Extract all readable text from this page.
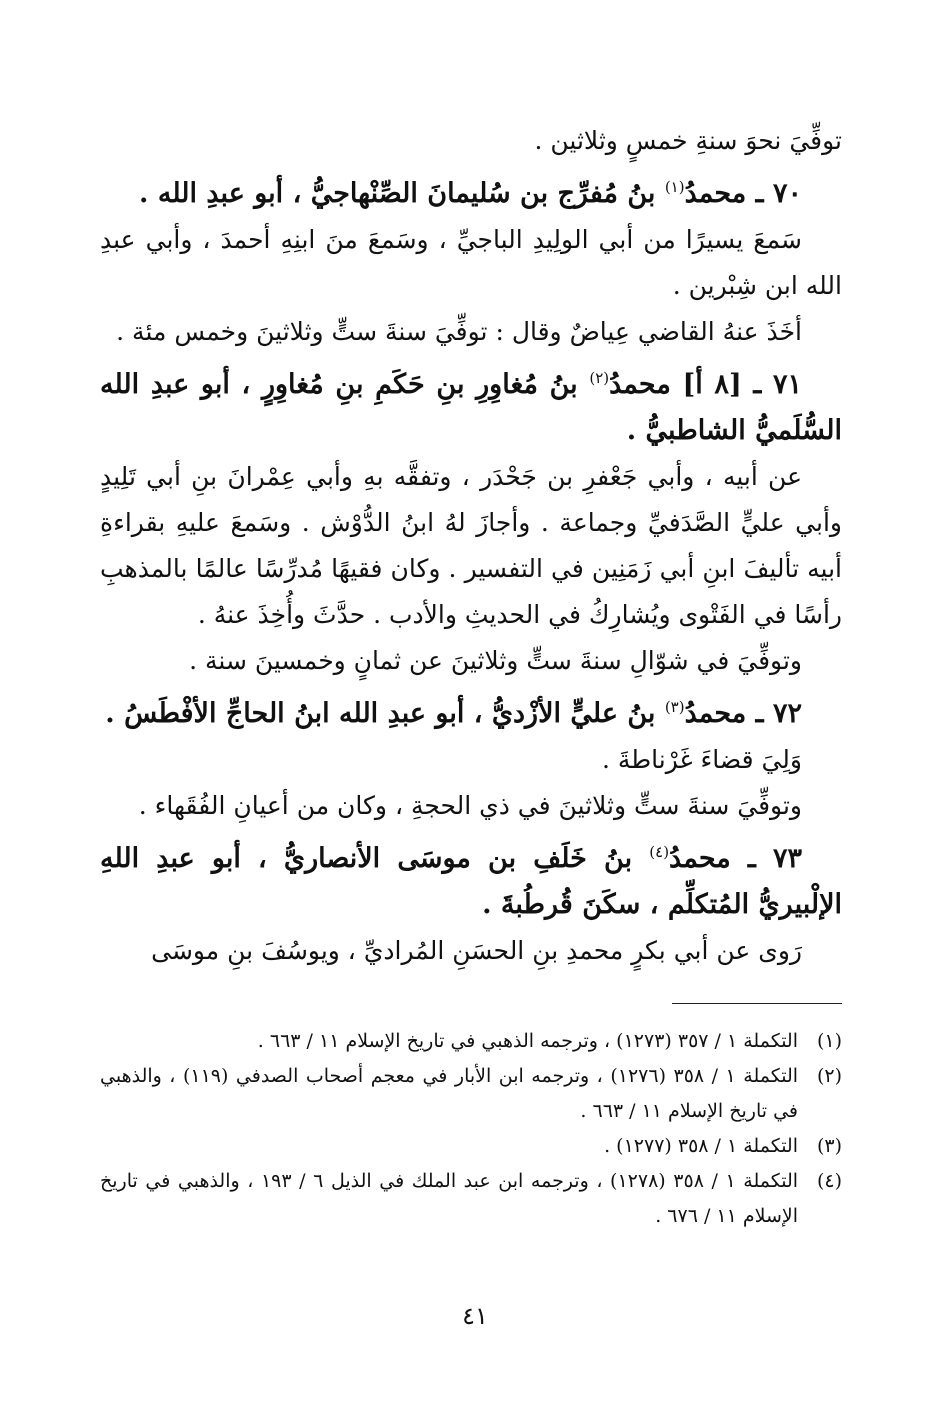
توفِّيَ نحوَ سنةِ خمسٍ وثلاثين .

٧٠ ـ محمدُ$^{(١)}$ بنُ مُفرِّج بن سُليمانَ الصِّنْهاجيُّ ، أبو عبدِ الله .

سَمعَ يسيرًا من أبي الولِيدِ الباجيِّ ، وسَمعَ منَ ابنِهِ أحمدَ ، وأبي عبدِ الله ابن شِبْرين .

أخَذَ عنهُ القاضي عِياضٌ وقال : توفِّيَ سنةَ ستٍّ وثلاثينَ وخمس مئة .

٧١ ـ [٨ أ] محمدُ$^{(٢)}$ بنُ مُغاوِرِ بنِ حَكَمِ بنِ مُغاوِرٍ ، أبو عبدِ الله السُّلَميُّ الشاطبيُّ .

عن أبيه ، وأبي جَعْفرِ بن جَحْدَر ، وتفقَّه بهِ وأبي عِمْرانَ بنِ أبي تَلِيدٍ وأبي عليٍّ الصَّدَفيِّ وجماعة . وأجازَ لهُ ابنُ الدُّوْش . وسَمعَ عليهِ بقراءةِ أبيه تأليفَ ابنِ أبي زَمَنِين في التفسير . وكان فقيهًا مُدرِّسًا عالمًا بالمذهبِ رأسًا في الفَتْوى ويُشارِكُ في الحديثِ والأدب . حدَّثَ وأُخِذَ عنهُ .

وتوفِّيَ في شوّالِ سنةَ ستٍّ وثلاثينَ عن ثمانٍ وخمسينَ سنة .

٧٢ ـ محمدُ$^{(٣)}$ بنُ عليٍّ الأزْديُّ ، أبو عبدِ الله ابنُ الحاجِّ الأفْطَسُ .

وَلِيَ قضاءَ غَرْناطةَ .

وتوفِّيَ سنةَ ستٍّ وثلاثينَ في ذي الحجةِ ، وكان من أعيانِ الفُقَهاء .

٧٣ ـ محمدُ$^{(٤)}$ بنُ خَلَفِ بن موسَى الأنصاريُّ ، أبو عبدِ اللهِ الإلْبيريُّ المُتكلِّم ، سكَنَ قُرطُبةَ .

رَوى عن أبي بكرٍ محمدِ بنِ الحسَنِ المُراديِّ ، ويوسُفَ بنِ موسَى

(١)
التكملة ١ / ٣٥٧ (١٢٧٣) ، وترجمه الذهبي في تاريخ الإسلام ١١ / ٦٦٣ .

(٢)
التكملة ١ / ٣٥٨ (١٢٧٦) ، وترجمه ابن الأبار في معجم أصحاب الصدفي (١١٩) ، والذهبي في تاريخ الإسلام ١١ / ٦٦٣ .

(٣)
التكملة ١ / ٣٥٨ (١٢٧٧) .

(٤)
التكملة ١ / ٣٥٨ (١٢٧٨) ، وترجمه ابن عبد الملك في الذيل ٦ / ١٩٣ ، والذهبي في تاريخ الإسلام ١١ / ٦٧٦ .

٤١
